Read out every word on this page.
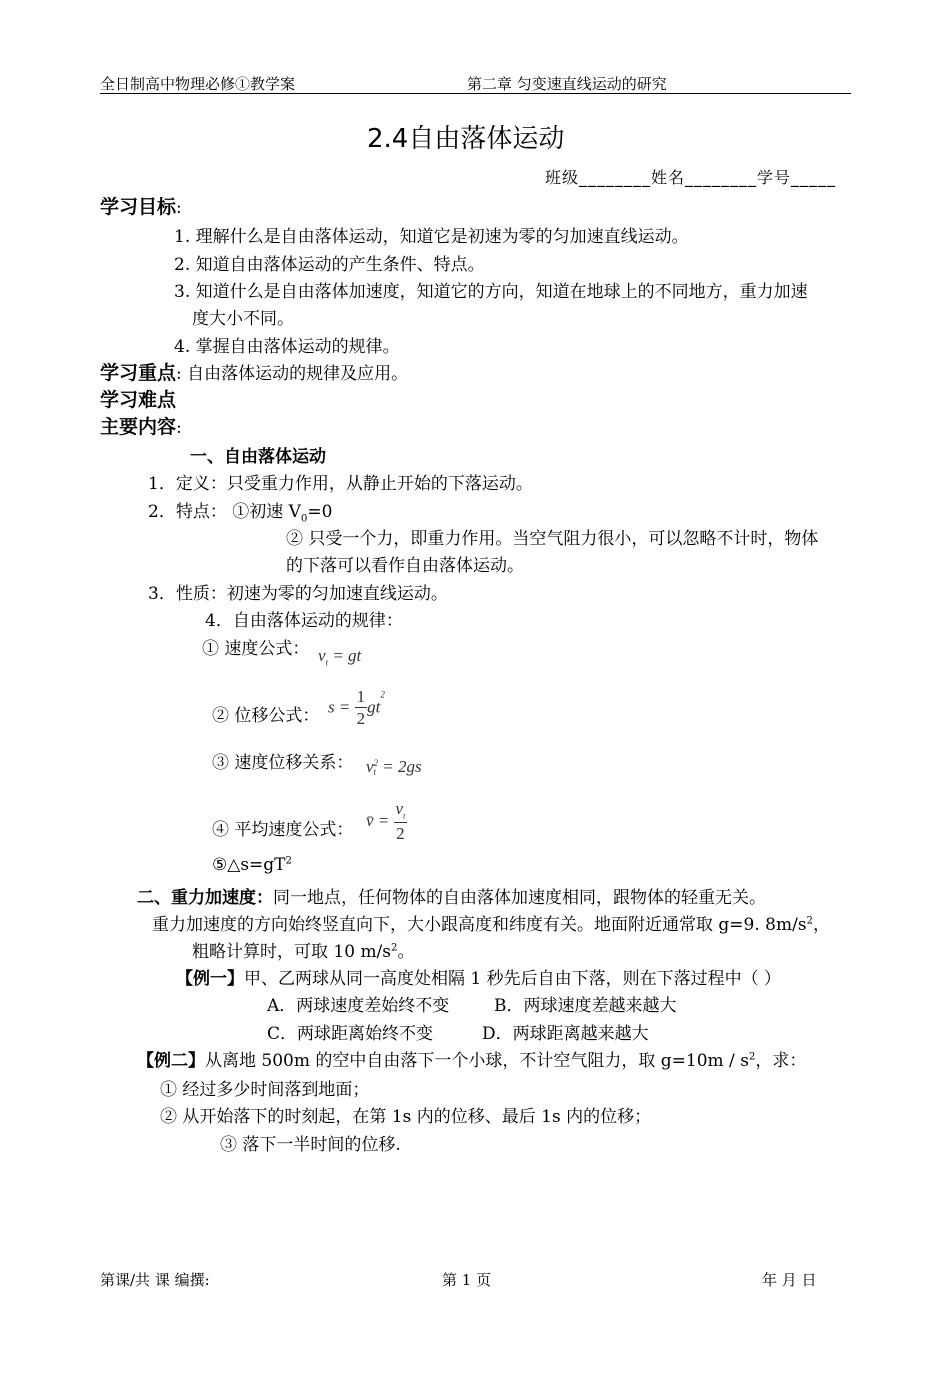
全日制高中物理必修①教学案	第二章 匀变速直线运动的研究
2.4自由落体运动
班级________姓名________学号_____
学习目标:
1. 理解什么是自由落体运动，知道它是初速为零的匀加速直线运动。
2. 知道自由落体运动的产生条件、特点。
3. 知道什么是自由落体加速度，知道它的方向，知道在地球上的不同地方，重力加速
度大小不同。
4. 掌握自由落体运动的规律。
学习重点: 自由落体运动的规律及应用。
学习难点
主要内容:
一、自由落体运动
1．定义：只受重力作用，从静止开始的下落运动。
2．特点： ①初速 $V_0=0$
② 只受一个力，即重力作用。当空气阻力很小，可以忽略不计时，物体
的下落可以看作自由落体运动。
3．性质：初速为零的匀加速直线运动。
4．自由落体运动的规律：
① 速度公式： $v_t$ = gt
② 位移公式： $s = \frac{1}{2} gt^2$
③ 速度位移关系： v 2
t = 2gs
④ 平均速度公式： v̄ = $\frac{v_t}{2}$
$⑤\triangle s=gT^2$
二、重力加速度：同一地点，任何物体的自由落体加速度相同，跟物体的轻重无关。
重力加速度的方向始终竖直向下，大小跟高度和纬度有关。地面附近通常取 g=9. $8m/s^2$，
粗略计算时，可取 10 $m/s^2$。
【例一】甲、乙两球从同一高度处相隔 1 秒先后自由下落，则在下落过程中（ ）
A．两球速度差始终不变	B．两球速度差越来越大
C．两球距离始终不变	D．两球距离越来越大
【例二】从离地 500m 的空中自由落下一个小球，不计空气阻力，取 $g=10m / s^2$，求：
① 经过多少时间落到地面；
② 从开始落下的时刻起，在第 1s 内的位移、最后 1s 内的位移；
③ 落下一半时间的位移.
第课/共 课 编撰:	第 1 页	年 月 日
